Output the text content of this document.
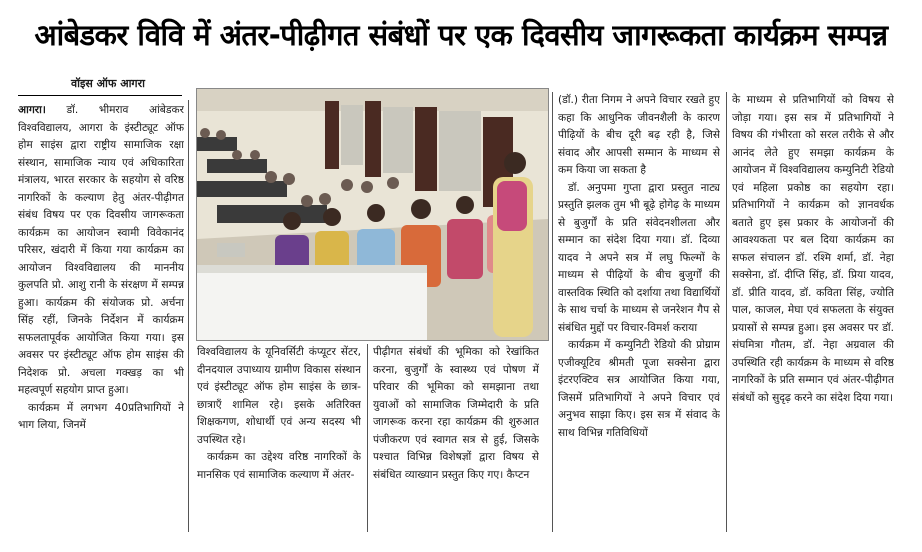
आंबेडकर विवि में अंतर-पीढ़ीगत संबंधों पर एक दिवसीय जागरूकता कार्यक्रम सम्पन्न
वॉइस ऑफ आगरा

आगरा। डॉ. भीमराव आंबेडकर विश्वविद्यालय, आगरा के इंस्टीट्यूट ऑफ होम साइंस द्वारा राष्ट्रीय सामाजिक रक्षा संस्थान, सामाजिक न्याय एवं अधिकारिता मंत्रालय, भारत सरकार के सहयोग से वरिष्ठ नागरिकों के कल्याण हेतु अंतर-पीढ़ीगत संबंध विषय पर एक दिवसीय जागरूकता कार्यक्रम का आयोजन स्वामी विवेकानंद परिसर, खंदारी में किया गया कार्यक्रम का आयोजन विश्वविद्यालय की माननीय कुलपति प्रो. आशु रानी के संरक्षण में सम्पन्न हुआ। कार्यक्रम की संयोजक प्रो. अर्चना सिंह रहीं, जिनके निर्देशन में कार्यक्रम सफलतापूर्वक आयोजित किया गया। इस अवसर पर इंस्टीट्यूट ऑफ होम साइंस की निदेशक प्रो. अचला गक्खड़ का भी महत्वपूर्ण सहयोग प्राप्त हुआ।

कार्यक्रम में लगभग 40प्रतिभागियों ने भाग लिया, जिनमें

विश्वविद्यालय के यूनिवर्सिटी कंप्यूटर सेंटर, दीनदयाल उपाध्याय ग्रामीण विकास संस्थान एवं इंस्टीट्यूट ऑफ होम साइंस के छात्र-छात्राएँ शामिल रहे। इसके अतिरिक्त शिक्षकगण, शोधार्थी एवं अन्य सदस्य भी उपस्थित रहे।

कार्यक्रम का उद्देश्य वरिष्ठ नागरिकों के मानसिक एवं सामाजिक कल्याण में अंतर-

पीढ़ीगत संबंधों की भूमिका को रेखांकित करना, बुजुर्गों के स्वास्थ्य एवं पोषण में परिवार की भूमिका को समझाना तथा युवाओं को सामाजिक जिम्मेदारी के प्रति जागरूक करना रहा कार्यक्रम की शुरुआत पंजीकरण एवं स्वागत सत्र से हुई, जिसके पश्चात विभिन्न विशेषज्ञों द्वारा विषय से संबंधित व्याख्यान प्रस्तुत किए गए। कैप्टन

(डॉ.) रीता निगम ने अपने विचार रखते हुए कहा कि आधुनिक जीवनशैली के कारण पीढ़ियों के बीच दूरी बढ़ रही है, जिसे संवाद और आपसी सम्मान के माध्यम से कम किया जा सकता है

डॉ. अनुपमा गुप्ता द्वारा प्रस्तुत नाट्य प्रस्तुति झलक तुम भी बूढ़े होगेढ़ के माध्यम से बुजुर्गों के प्रति संवेदनशीलता और सम्मान का संदेश दिया गया। डॉ. दिव्या यादव ने अपने सत्र में लघु फिल्मों के माध्यम से पीढ़ियों के बीच बुजुर्गों की वास्तविक स्थिति को दर्शाया तथा विद्यार्थियों के साथ चर्चा के माध्यम से जनरेशन गैप से संबंधित मुद्दों पर विचार-विमर्श कराया

कार्यक्रम में कम्युनिटी रेडियो की प्रोग्राम एजीक्यूटिव श्रीमती पूजा सक्सेना द्वारा इंटरएक्टिव सत्र आयोजित किया गया, जिसमें प्रतिभागियों ने अपने विचार एवं अनुभव साझा किए। इस सत्र में संवाद के साथ विभिन्न गतिविधियों

के माध्यम से प्रतिभागियों को विषय से जोड़ा गया। इस सत्र में प्रतिभागियों ने विषय की गंभीरता को सरल तरीके से और आनंद लेते हुए समझा कार्यक्रम के आयोजन में विश्वविद्यालय कम्युनिटी रेडियो एवं महिला प्रकोष्ठ का सहयोग रहा। प्रतिभागियों ने कार्यक्रम को ज्ञानवर्धक बताते हुए इस प्रकार के आयोजनों की आवश्यकता पर बल दिया कार्यक्रम का सफल संचालन डॉ. रश्मि शर्मा, डॉ. नेहा सक्सेना, डॉ. दीप्ति सिंह, डॉ. प्रिया यादव, डॉ. प्रीति यादव, डॉ. कविता सिंह, ज्योति पाल, काजल, मेघा एवं सफलता के संयुक्त प्रयासों से सम्पन्न हुआ। इस अवसर पर डॉ. संघमित्रा गौतम, डॉ. नेहा अग्रवाल की उपस्थिति रही कार्यक्रम के माध्यम से वरिष्ठ नागरिकों के प्रति सम्मान एवं अंतर-पीढ़ीगत संबंधों को सुदृढ़ करने का संदेश दिया गया।
